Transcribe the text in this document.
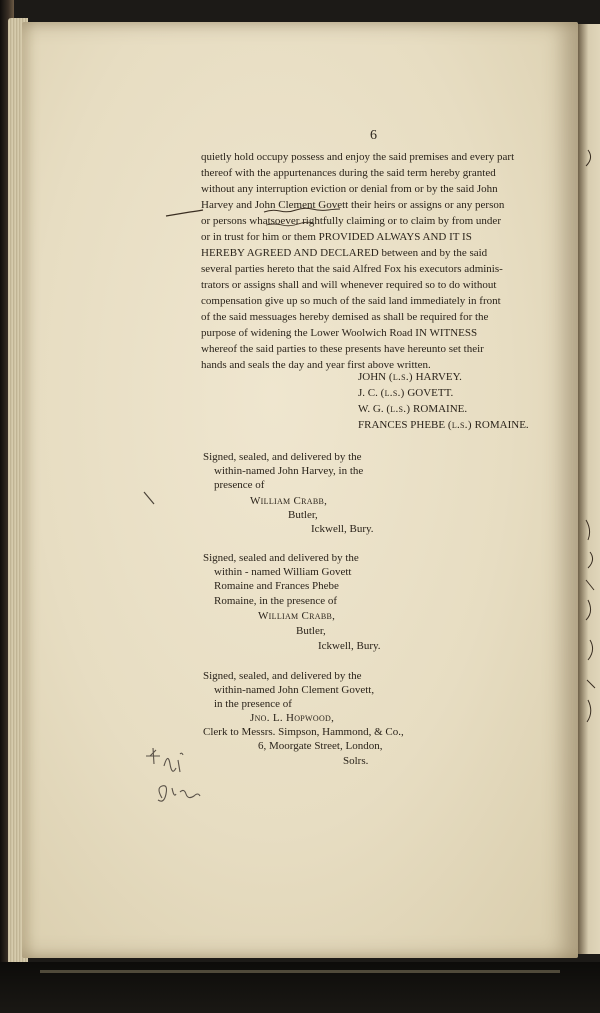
6
quietly hold occupy possess and enjoy the said premises and every part
thereof with the appurtenances during the said term hereby granted
without any interruption eviction or denial from or by the said John
Harvey and John Clement Govett their heirs or assigns or any person
or persons whatsoever rightfully claiming or to claim by from under
or in trust for him or them PROVIDED ALWAYS AND IT IS
HEREBY AGREED AND DECLARED between and by the said
several parties hereto that the said Alfred Fox his executors adminis-
trators or assigns shall and will whenever required so to do without
compensation give up so much of the said land immediately in front
of the said messuages hereby demised as shall be required for the
purpose of widening the Lower Woolwich Road IN WITNESS
whereof the said parties to these presents have hereunto set their
hands and seals the day and year first above written.
JOHN (l.s.) HARVEY.
J. C. (l.s.) GOVETT.
W. G. (l.s.) ROMAINE.
FRANCES PHEBE (l.s.) ROMAINE.
Signed, sealed, and delivered by the
within-named John Harvey, in the
presence of
William Crabb,
Butler,
Ickwell, Bury.
Signed, sealed and delivered by the
within - named William Govett
Romaine and Frances Phebe
Romaine, in the presence of
William Crabb,
Butler,
Ickwell, Bury.
Signed, sealed, and delivered by the
within-named John Clement Govett,
in the presence of
Jno. L. Hopwood,
Clerk to Messrs. Simpson, Hammond, & Co.,
6, Moorgate Street, London,
Solrs.
